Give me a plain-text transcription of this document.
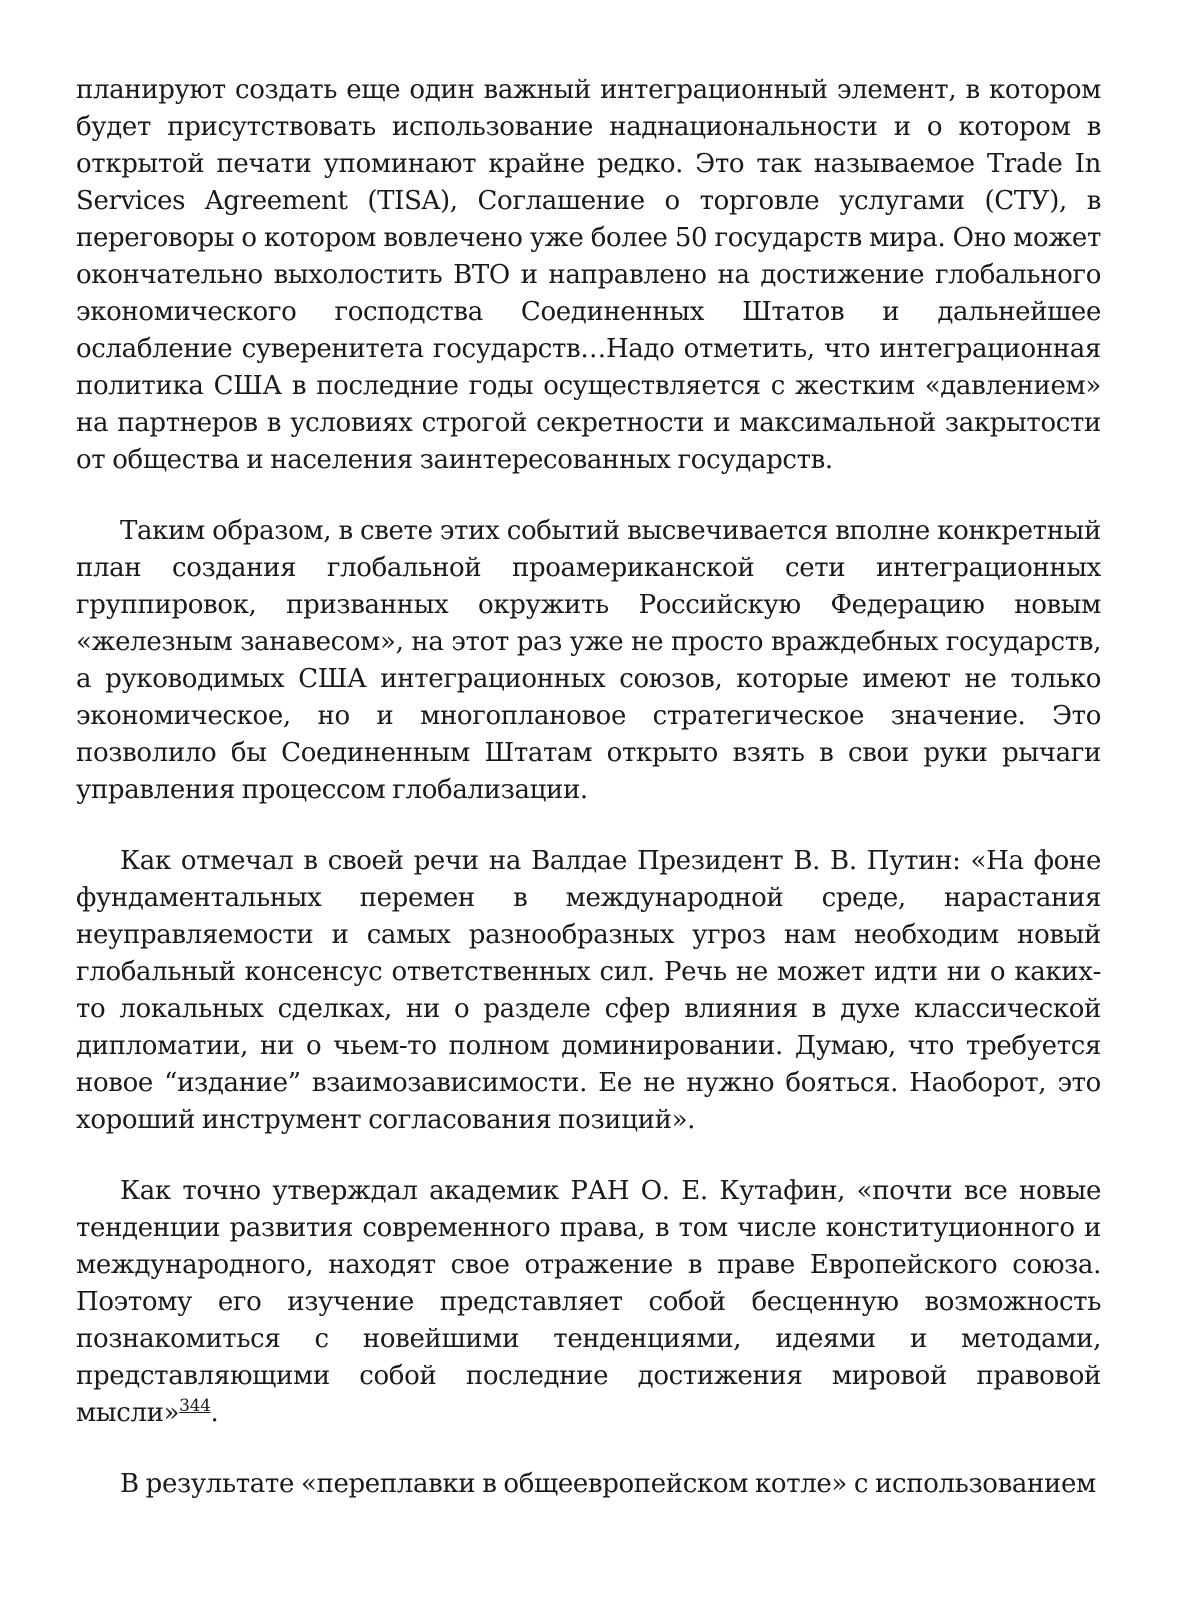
планируют создать еще один важный интеграционный элемент, в котором будет присутствовать использование наднациональности и о котором в открытой печати упоминают крайне редко. Это так называемое Trade In Services Agreement (TISA), Соглашение о торговле услугами (СТУ), в переговоры о котором вовлечено уже более 50 государств мира. Оно может окончательно выхолостить ВТО и направлено на достижение глобального экономического господства Соединенных Штатов и дальнейшее ослабление суверенитета государств…Надо отметить, что интеграционная политика США в последние годы осуществляется с жестким «давлением» на партнеров в условиях строгой секретности и максимальной закрытости от общества и населения заинтересованных государств.

Таким образом, в свете этих событий высвечивается вполне конкретный план создания глобальной проамериканской сети интеграционных группировок, призванных окружить Российскую Федерацию новым «железным занавесом», на этот раз уже не просто враждебных государств, а руководимых США интеграционных союзов, которые имеют не только экономическое, но и многоплановое стратегическое значение. Это позволило бы Соединенным Штатам открыто взять в свои руки рычаги управления процессом глобализации.

Как отмечал в своей речи на Валдае Президент В. В. Путин: «На фоне фундаментальных перемен в международной среде, нарастания неуправляемости и самых разнообразных угроз нам необходим новый глобальный консенсус ответственных сил. Речь не может идти ни о каких-то локальных сделках, ни о разделе сфер влияния в духе классической дипломатии, ни о чьем-то полном доминировании. Думаю, что требуется новое “издание” взаимозависимости. Ее не нужно бояться. Наоборот, это хороший инструмент согласования позиций».

Как точно утверждал академик РАН О. Е. Кутафин, «почти все новые тенденции развития современного права, в том числе конституционного и международного, находят свое отражение в праве Европейского союза. Поэтому его изучение представляет собой бесценную возможность познакомиться с новейшими тенденциями, идеями и методами, представляющими собой последние достижения мировой правовой мысли»$^{344}$.

В результате «переплавки в общеевропейском котле» с использованием
